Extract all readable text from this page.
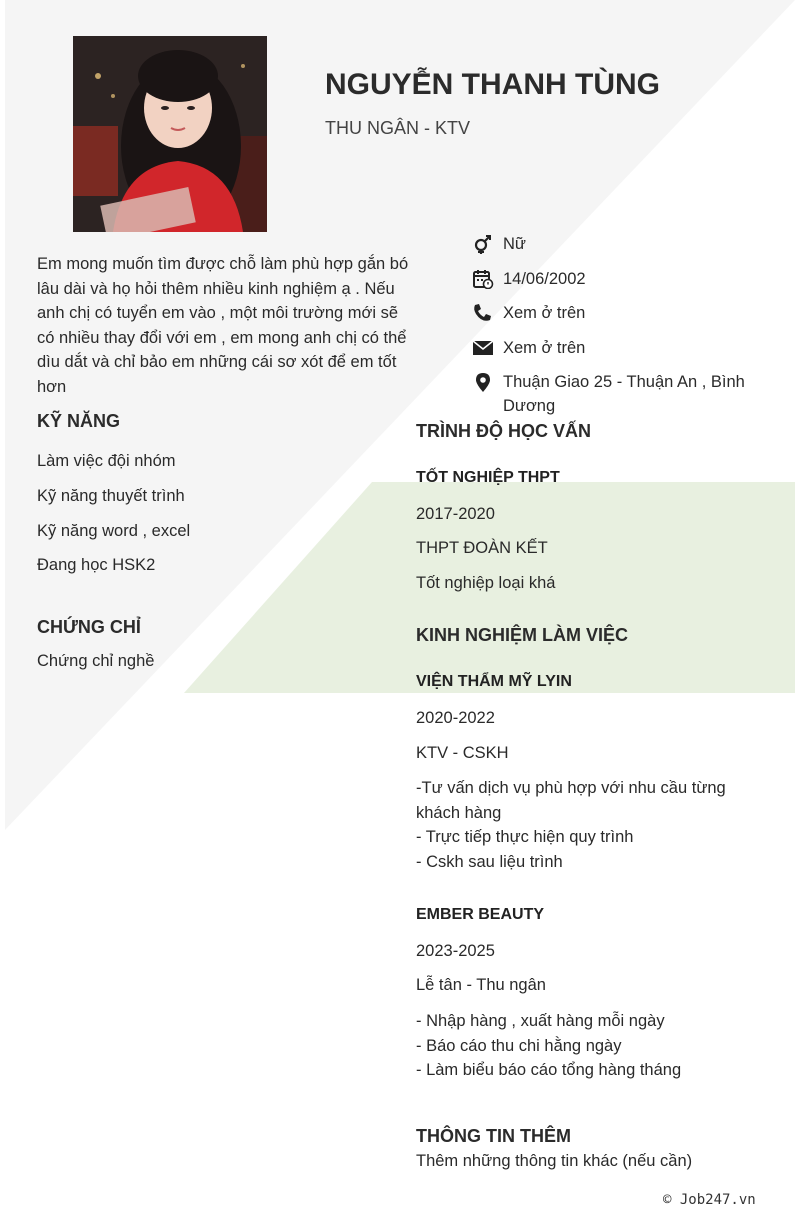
NGUYỄN THANH TÙNG
THU NGÂN - KTV
Em mong muốn tìm được chỗ làm phù hợp gắn bó lâu dài và họ hỏi thêm nhiều kinh nghiệm ạ . Nếu anh chị có tuyển em vào , một môi trường mới sẽ có nhiều thay đổi với em , em mong anh chị có thể dìu dắt và chỉ bảo em những cái sơ xót để em tốt hơn
Nữ
14/06/2002
Xem ở trên
Xem ở trên
Thuận Giao 25 - Thuận An , Bình Dương
KỸ NĂNG
Làm việc đội nhóm
Kỹ năng thuyết trình
Kỹ năng word , excel
Đang học HSK2
CHỨNG CHỈ
Chứng chỉ nghề
TRÌNH ĐỘ HỌC VẤN
TỐT NGHIỆP THPT
2017-2020
THPT ĐOÀN KẾT
Tốt nghiệp loại khá
KINH NGHIỆM LÀM VIỆC
VIỆN THẨM MỸ LYIN
2020-2022
KTV - CSKH
-Tư vấn dịch vụ phù hợp với nhu cầu từng khách hàng
- Trực tiếp thực hiện quy trình
- Cskh sau liệu trình
EMBER BEAUTY
2023-2025
Lễ tân - Thu ngân
- Nhập hàng , xuất hàng mỗi ngày
- Báo cáo thu chi hằng ngày
- Làm biểu báo cáo tổng hàng tháng
THÔNG TIN THÊM
Thêm những thông tin khác (nếu cần)
© Job247.vn
